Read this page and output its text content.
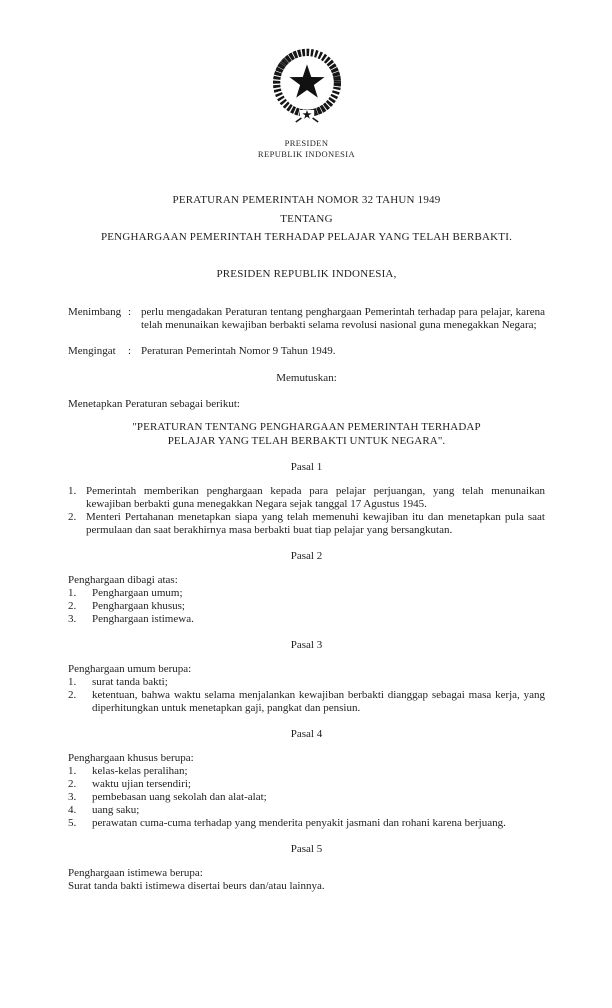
PRESIDEN
REPUBLIK INDONESIA
PERATURAN PEMERINTAH NOMOR 32 TAHUN 1949
TENTANG
PENGHARGAAN PEMERINTAH TERHADAP PELAJAR YANG TELAH BERBAKTI.
PRESIDEN REPUBLIK INDONESIA,
Menimbang : perlu mengadakan Peraturan tentang penghargaan Pemerintah terhadap para pelajar, karena telah menunaikan kewajiban berbakti selama revolusi nasional guna menegakkan Negara;
Mengingat	: Peraturan Pemerintah Nomor 9 Tahun 1949.
Memutuskan:
Menetapkan Peraturan sebagai berikut:
"PERATURAN TENTANG PENGHARGAAN PEMERINTAH TERHADAP
PELAJAR YANG TELAH BERBAKTI UNTUK NEGARA".
Pasal 1
1. Pemerintah memberikan penghargaan kepada para pelajar perjuangan, yang telah menunaikan kewajiban berbakti guna menegakkan Negara sejak tanggal 17 Agustus 1945.
2. Menteri Pertahanan menetapkan siapa yang telah memenuhi kewajiban itu dan menetapkan pula saat permulaan dan saat berakhirnya masa berbakti buat tiap pelajar yang bersangkutan.
Pasal 2
Penghargaan dibagi atas:
1.	Penghargaan umum;
2.	Penghargaan khusus;
3.	Penghargaan istimewa.
Pasal 3
Penghargaan umum berupa:
1.	surat tanda bakti;
2.	ketentuan, bahwa waktu selama menjalankan kewajiban berbakti dianggap sebagai masa kerja, yang diperhitungkan untuk menetapkan gaji, pangkat dan pensiun.
Pasal 4
Penghargaan khusus berupa:
1.	kelas-kelas peralihan;
2.	waktu ujian tersendiri;
3.	pembebasan uang sekolah dan alat-alat;
4.	uang saku;
5.	perawatan cuma-cuma terhadap yang menderita penyakit jasmani dan rohani karena berjuang.
Pasal 5
Penghargaan istimewa berupa:
Surat tanda bakti istimewa disertai beurs dan/atau lainnya.
